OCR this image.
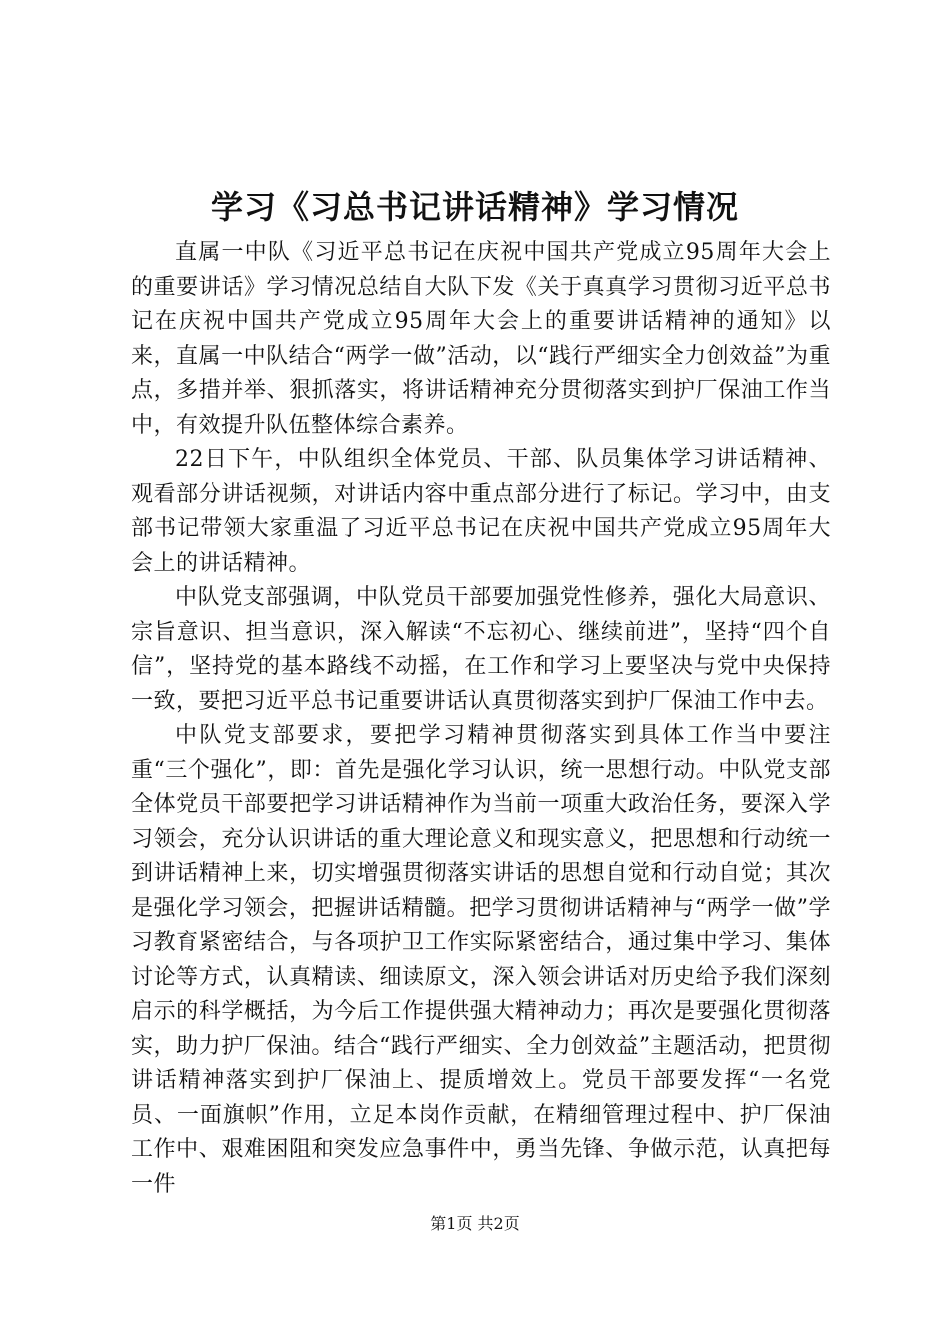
学习《习总书记讲话精神》学习情况

直属一中队《习近平总书记在庆祝中国共产党成立95周年大会上的重要讲话》学习情况总结自大队下发《关于真真学习贯彻习近平总书记在庆祝中国共产党成立95周年大会上的重要讲话精神的通知》以来，直属一中队结合“两学一做”活动，以“践行严细实全力创效益”为重点，多措并举、狠抓落实，将讲话精神充分贯彻落实到护厂保油工作当中，有效提升队伍整体综合素养。

22日下午，中队组织全体党员、干部、队员集体学习讲话精神、观看部分讲话视频，对讲话内容中重点部分进行了标记。学习中，由支部书记带领大家重温了习近平总书记在庆祝中国共产党成立95周年大会上的讲话精神。

中队党支部强调，中队党员干部要加强党性修养，强化大局意识、宗旨意识、担当意识，深入解读“不忘初心、继续前进”，坚持“四个自信”，坚持党的基本路线不动摇，在工作和学习上要坚决与党中央保持一致，要把习近平总书记重要讲话认真贯彻落实到护厂保油工作中去。

中队党支部要求，要把学习精神贯彻落实到具体工作当中要注重“三个强化”，即：首先是强化学习认识，统一思想行动。中队党支部全体党员干部要把学习讲话精神作为当前一项重大政治任务，要深入学习领会，充分认识讲话的重大理论意义和现实意义，把思想和行动统一到讲话精神上来，切实增强贯彻落实讲话的思想自觉和行动自觉；其次是强化学习领会，把握讲话精髓。把学习贯彻讲话精神与“两学一做”学习教育紧密结合，与各项护卫工作实际紧密结合，通过集中学习、集体讨论等方式，认真精读、细读原文，深入领会讲话对历史给予我们深刻启示的科学概括，为今后工作提供强大精神动力；再次是要强化贯彻落实，助力护厂保油。结合“践行严细实、全力创效益”主题活动，把贯彻讲话精神落实到护厂保油上、提质增效上。党员干部要发挥“一名党员、一面旗帜”作用，立足本岗作贡献，在精细管理过程中、护厂保油工作中、艰难困阻和突发应急事件中，勇当先锋、争做示范，认真把每一件

第1页 共2页
